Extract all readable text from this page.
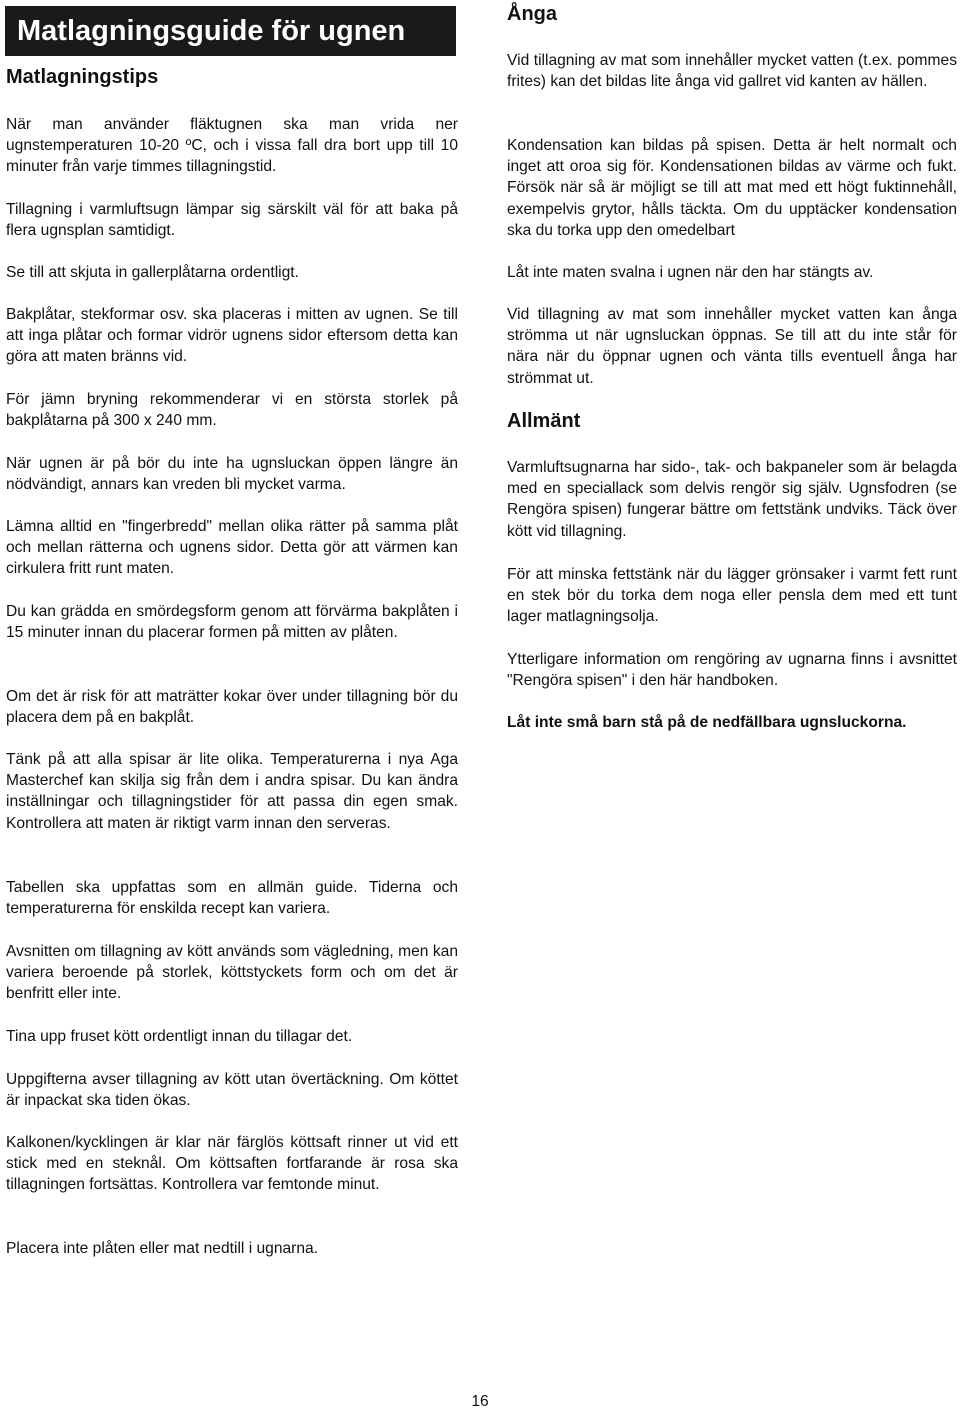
Matlagningsguide för ugnen
Matlagningstips

När man använder fläktugnen ska man vrida ner ugnstemperaturen 10-20 ºC, och i vissa fall dra bort upp till 10 minuter från varje timmes tillagningstid.

Tillagning i varmluftsugn lämpar sig särskilt väl för att baka på flera ugnsplan samtidigt.

Se till att skjuta in gallerplåtarna ordentligt.

Bakplåtar, stekformar osv. ska placeras i mitten av ugnen. Se till att inga plåtar och formar vidrör ugnens sidor eftersom detta kan göra att maten bränns vid.

För jämn bryning rekommenderar vi en största storlek på bakplåtarna på 300 x 240 mm.

När ugnen är på bör du inte ha ugnsluckan öppen längre än nödvändigt, annars kan vreden bli mycket varma.

Lämna alltid en "fingerbredd" mellan olika rätter på samma plåt och mellan rätterna och ugnens sidor. Detta gör att värmen kan cirkulera fritt runt maten.

Du kan grädda en smördegsform genom att förvärma bakplåten i 15 minuter innan du placerar formen på mitten av plåten.

Om det är risk för att maträtter kokar över under tillagning bör du placera dem på en bakplåt.

Tänk på att alla spisar är lite olika. Temperaturerna i nya Aga Masterchef kan skilja sig från dem i andra spisar. Du kan ändra inställningar och tillagningstider för att passa din egen smak. Kontrollera att maten är riktigt varm innan den serveras.

Tabellen ska uppfattas som en allmän guide. Tiderna och temperaturerna för enskilda recept kan variera.

Avsnitten om tillagning av kött används som vägledning, men kan variera beroende på storlek, köttstyckets form och om det är benfritt eller inte.

Tina upp fruset kött ordentligt innan du tillagar det.

Uppgifterna avser tillagning av kött utan övertäckning. Om köttet är inpackat ska tiden ökas.

Kalkonen/kycklingen är klar när färglös köttsaft rinner ut vid ett stick med en steknål. Om köttsaften fortfarande är rosa ska tillagningen fortsättas. Kontrollera var femtonde minut.

Placera inte plåten eller mat nedtill i ugnarna.

Ånga

Vid tillagning av mat som innehåller mycket vatten (t.ex. pommes frites) kan det bildas lite ånga vid gallret vid kanten av hällen.

Kondensation kan bildas på spisen. Detta är helt normalt och inget att oroa sig för. Kondensationen bildas av värme och fukt. Försök när så är möjligt se till att mat med ett högt fuktinnehåll, exempelvis grytor, hålls täckta. Om du upptäcker kondensation ska du torka upp den omedelbart

Låt inte maten svalna i ugnen när den har stängts av.

Vid tillagning av mat som innehåller mycket vatten kan ånga strömma ut när ugnsluckan öppnas. Se till att du inte står för nära när du öppnar ugnen och vänta tills eventuell ånga har strömmat ut.

Allmänt

Varmluftsugnarna har sido-, tak- och bakpaneler som är belagda med en speciallack som delvis rengör sig själv. Ugnsfodren (se Rengöra spisen) fungerar bättre om fettstänk undviks. Täck över kött vid tillagning.

För att minska fettstänk när du lägger grönsaker i varmt fett runt en stek bör du torka dem noga eller pensla dem med ett tunt lager matlagningsolja.

Ytterligare information om rengöring av ugnarna finns i avsnittet "Rengöra spisen" i den här handboken.

Låt inte små barn stå på de nedfällbara ugnsluckorna.

16
